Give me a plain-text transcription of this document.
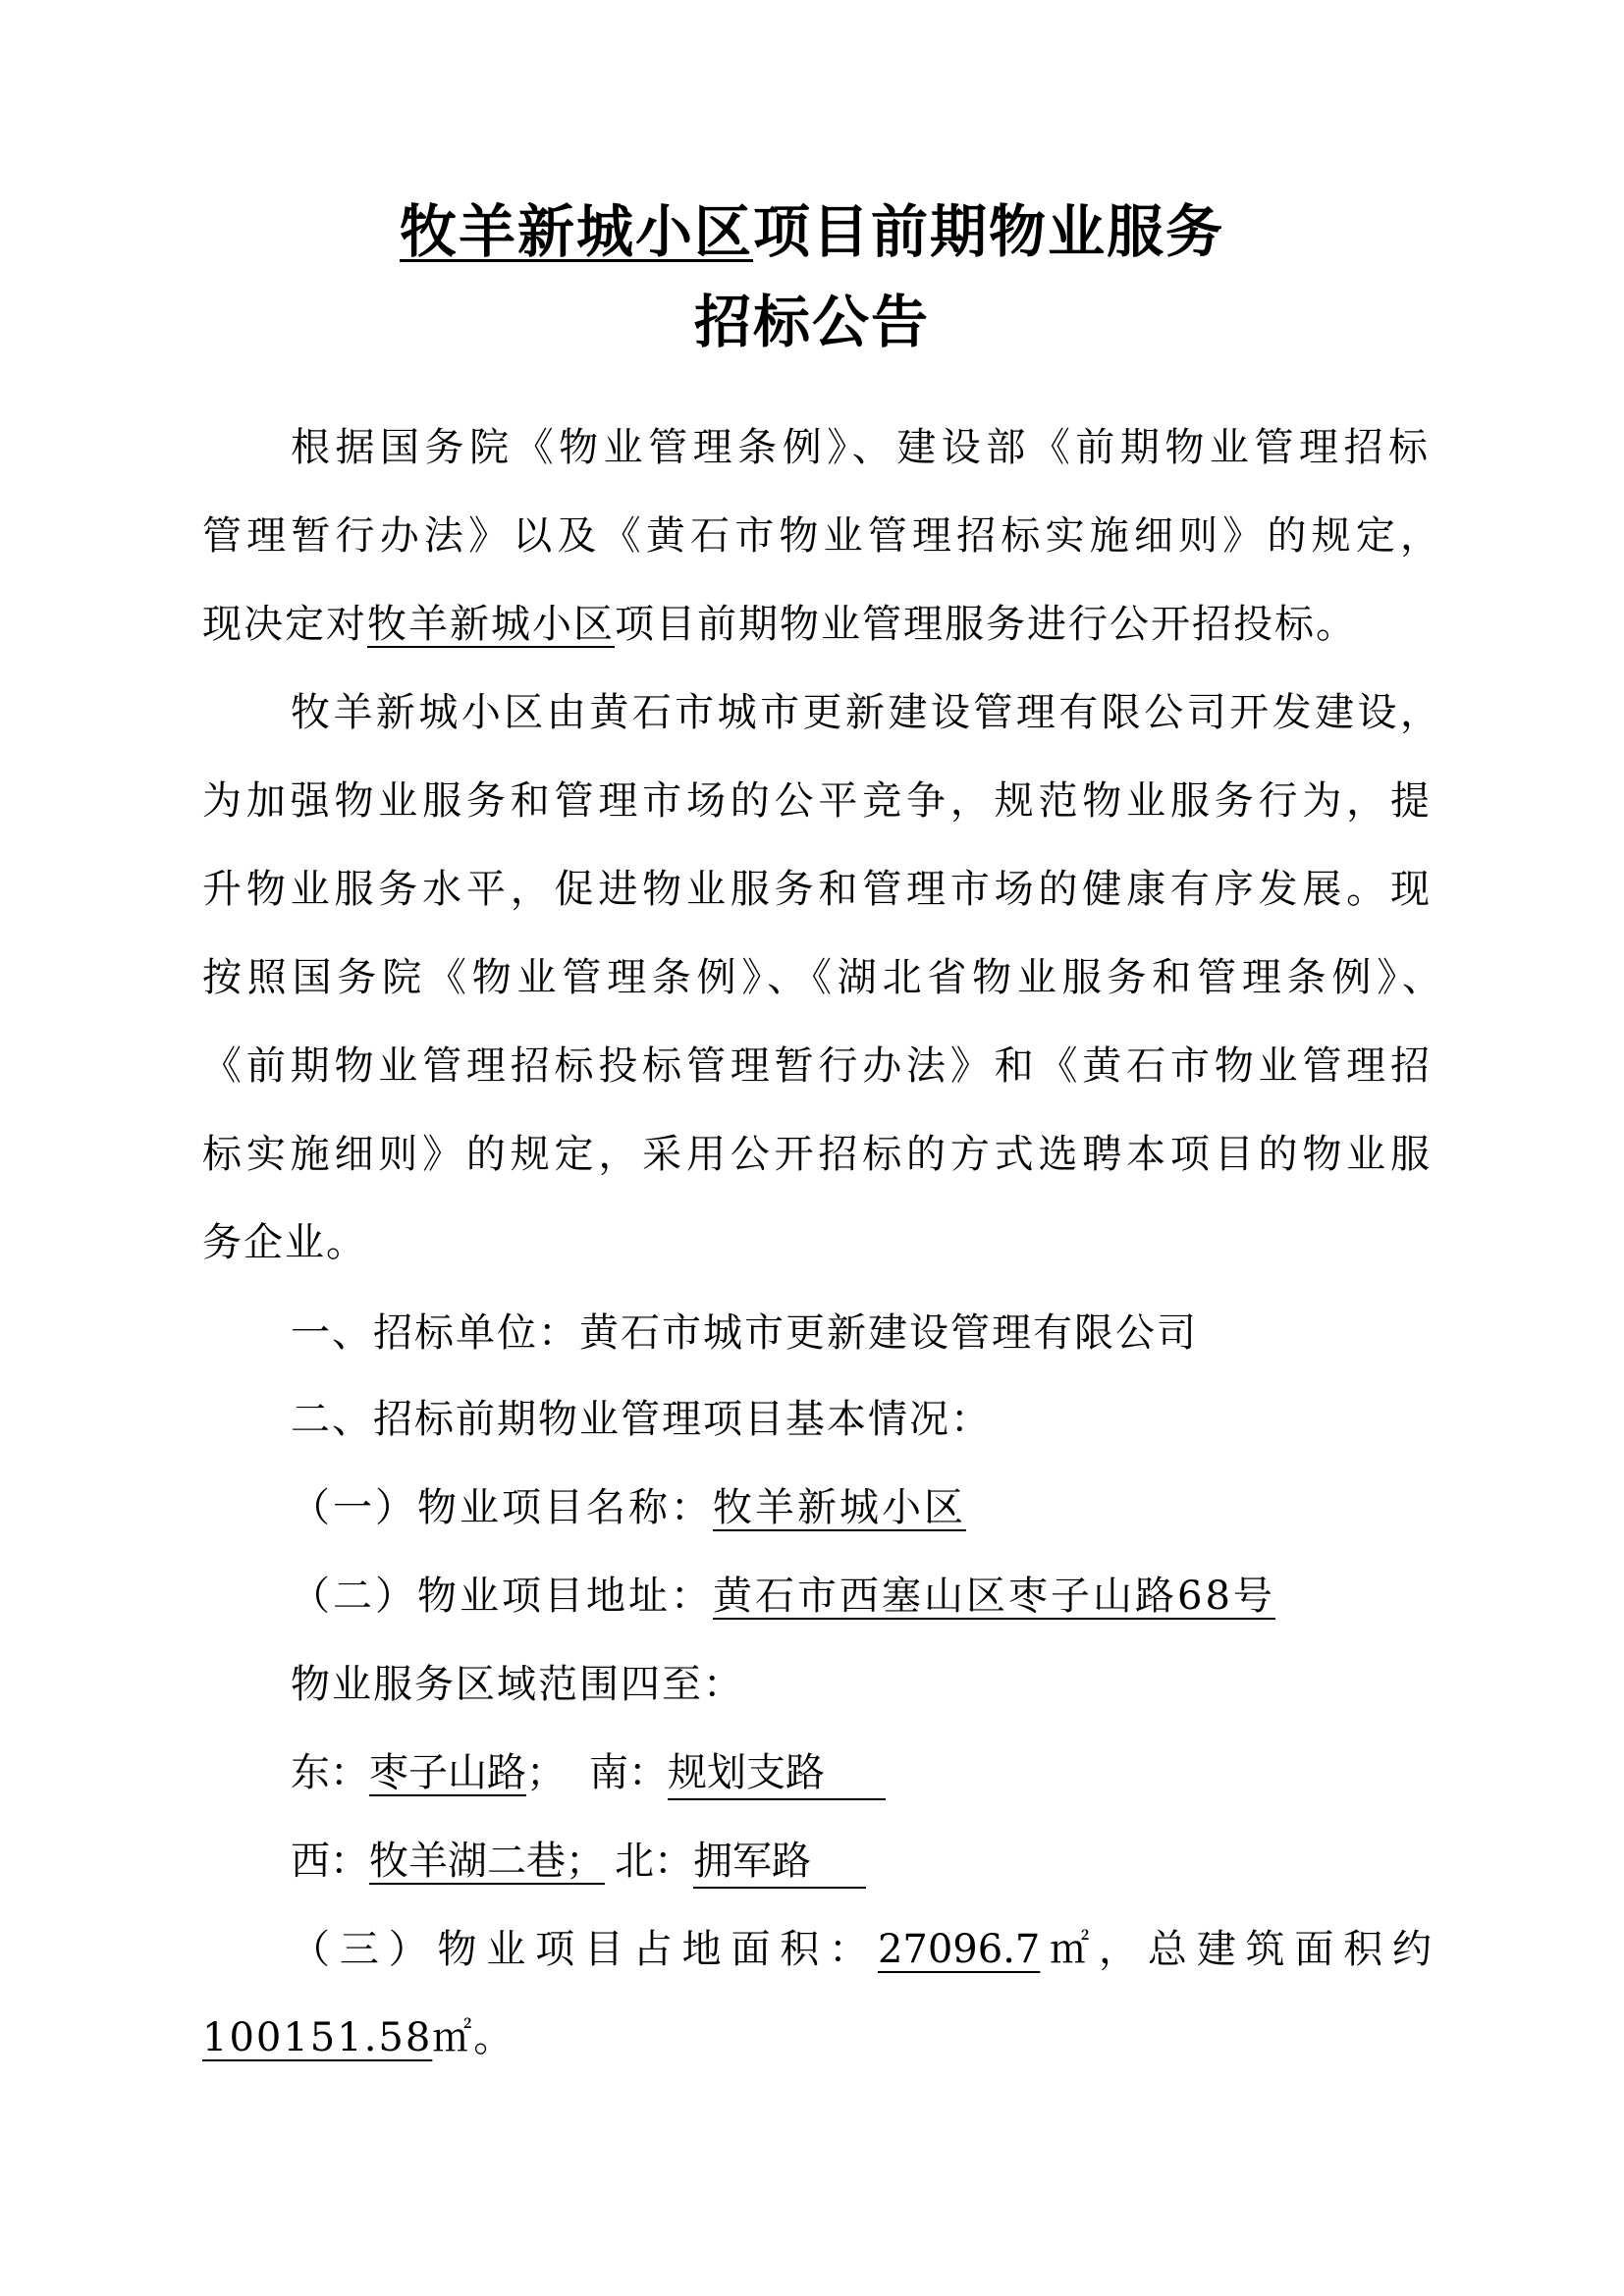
牧羊新城小区项目前期物业服务
招标公告
根据国务院《物业管理条例》、建设部《前期物业管理招标
管理暂行办法》以及《黄石市物业管理招标实施细则》的规定，
现决定对牧羊新城小区项目前期物业管理服务进行公开招投标。
牧羊新城小区由黄石市城市更新建设管理有限公司开发建设，
为加强物业服务和管理市场的公平竞争，规范物业服务行为，提
升物业服务水平，促进物业服务和管理市场的健康有序发展。现
按照国务院《物业管理条例》、《湖北省物业服务和管理条例》、
《前期物业管理招标投标管理暂行办法》和《黄石市物业管理招
标实施细则》的规定，采用公开招标的方式选聘本项目的物业服
务企业。
一、招标单位：黄石市城市更新建设管理有限公司
二、招标前期物业管理项目基本情况：
（一）物业项目名称：牧羊新城小区
（二）物业项目地址：黄石市西塞山区枣子山路68号
物业服务区域范围四至：
东：枣子山路； 南：规划支路
西：牧羊湖二巷； 北：拥军路
（三）物业项目占地面积：27096.7㎡，总建筑面积约
100151.58㎡。
